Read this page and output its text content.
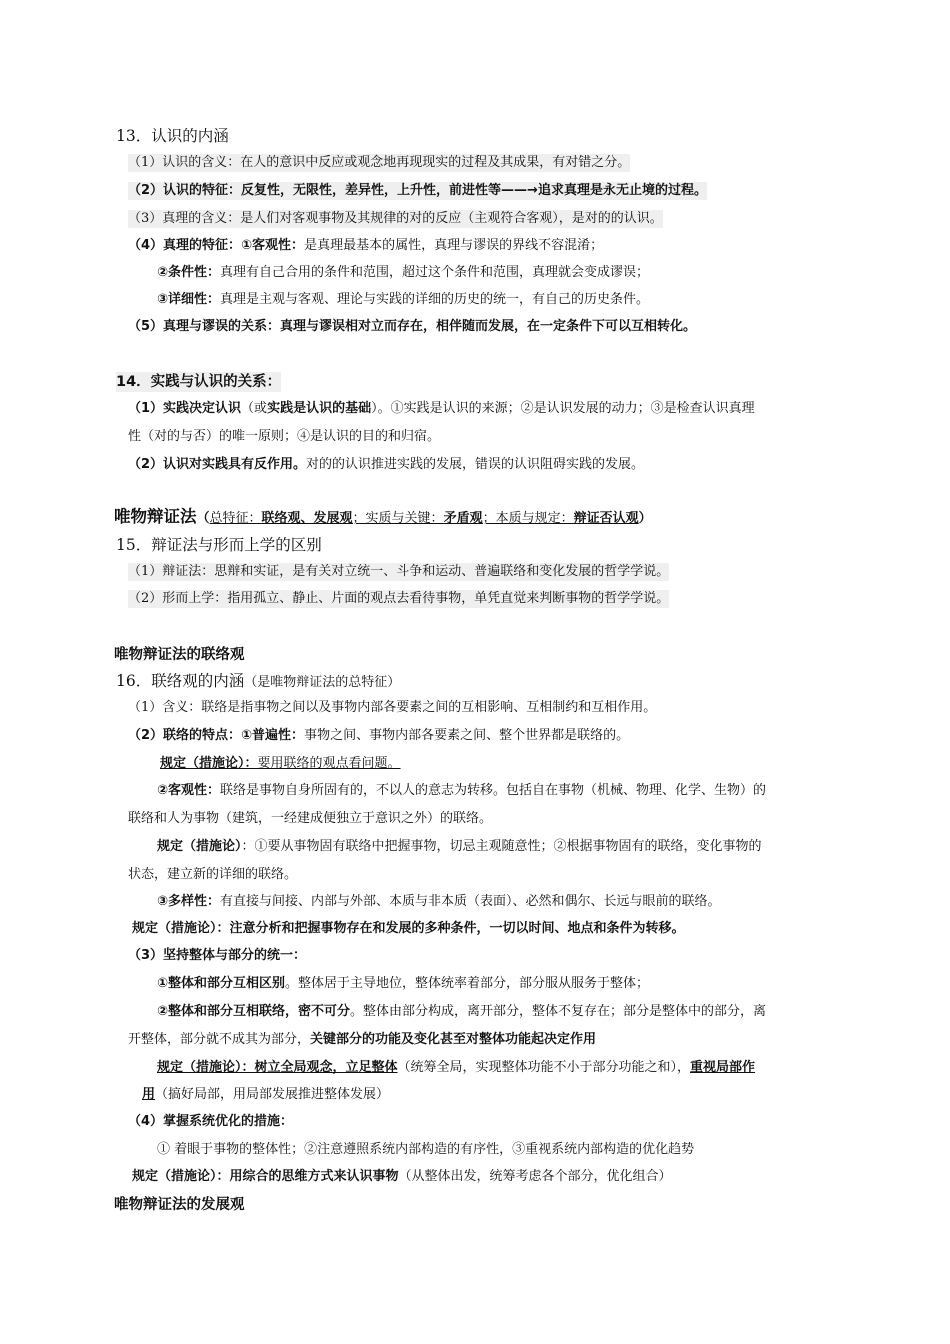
13．认识的内涵
（1）认识的含义：在人的意识中反应或观念地再现现实的过程及其成果，有对错之分。
（2）认识的特征：反复性，无限性，差异性，上升性，前进性等——→追求真理是永无止境的过程。
（3）真理的含义：是人们对客观事物及其规律的对的反应（主观符合客观），是对的的认识。
（4）真理的特征：①客观性：是真理最基本的属性，真理与谬误的界线不容混淆；
②条件性：真理有自己合用的条件和范围，超过这个条件和范围，真理就会变成谬误；
③详细性：真理是主观与客观、理论与实践的详细的历史的统一，有自己的历史条件。
（5）真理与谬误的关系：真理与谬误相对立而存在，相伴随而发展，在一定条件下可以互相转化。
14．实践与认识的关系：
（1）实践决定认识（或实践是认识的基础）。①实践是认识的来源；②是认识发展的动力；③是检查认识真理
性（对的与否）的唯一原则；④是认识的目的和归宿。
（2）认识对实践具有反作用。对的的认识推进实践的发展，错误的认识阻碍实践的发展。
唯物辩证法（总特征：联络观、发展观；实质与关键：矛盾观；本质与规定：辩证否认观）
15．辩证法与形而上学的区别
（1）辩证法：思辩和实证，是有关对立统一、斗争和运动、普遍联络和变化发展的哲学学说。
（2）形而上学：指用孤立、静止、片面的观点去看待事物，单凭直觉来判断事物的哲学学说。
唯物辩证法的联络观
16．联络观的内涵（是唯物辩证法的总特征）
（1）含义：联络是指事物之间以及事物内部各要素之间的互相影响、互相制约和互相作用。
（2）联络的特点：①普遍性：事物之间、事物内部各要素之间、整个世界都是联络的。
规定（措施论）：要用联络的观点看问题。
②客观性：联络是事物自身所固有的，不以人的意志为转移。包括自在事物（机械、物理、化学、生物）的
联络和人为事物（建筑，一经建成便独立于意识之外）的联络。
规定（措施论）：①要从事物固有联络中把握事物，切忌主观随意性；②根据事物固有的联络，变化事物的
状态，建立新的详细的联络。
③多样性：有直接与间接、内部与外部、本质与非本质（表面）、必然和偶尔、长远与眼前的联络。
规定（措施论）：注意分析和把握事物存在和发展的多种条件，一切以时间、地点和条件为转移。
（3）坚持整体与部分的统一：
①整体和部分互相区别。整体居于主导地位，整体统率着部分，部分服从服务于整体；
②整体和部分互相联络，密不可分。整体由部分构成，离开部分，整体不复存在；部分是整体中的部分，离
开整体，部分就不成其为部分，关键部分的功能及变化甚至对整体功能起决定作用
规定（措施论）：树立全局观念，立足整体（统筹全局，实现整体功能不小于部分功能之和），重视局部作
用（搞好局部，用局部发展推进整体发展）
（4）掌握系统优化的措施：
① 着眼于事物的整体性；②注意遵照系统内部构造的有序性，③重视系统内部构造的优化趋势
规定（措施论）：用综合的思维方式来认识事物（从整体出发，统筹考虑各个部分，优化组合）
唯物辩证法的发展观
